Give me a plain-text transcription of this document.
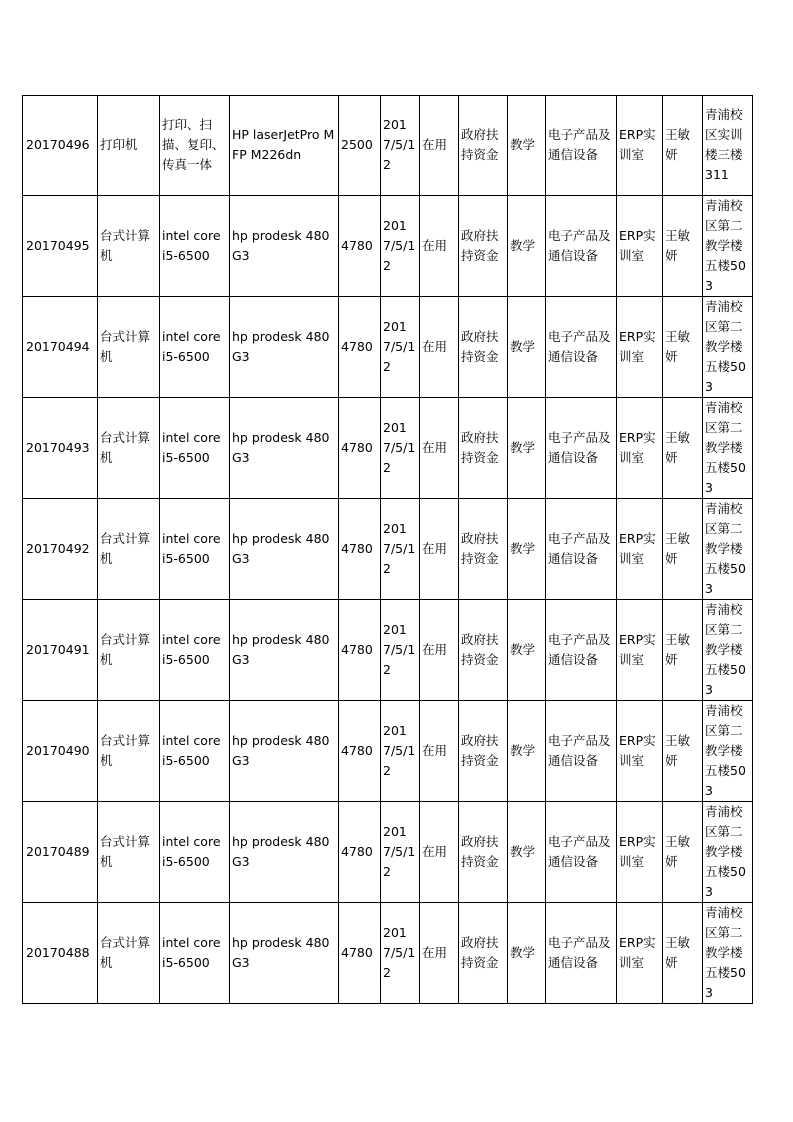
20170496	打印机	打印、扫描、复印、传真一体	HP laserJetPro MFP M226dn	2500	2017/5/12	在用	政府扶持资金	教学	电子产品及通信设备	ERP实训室	王敏妍	青浦校区实训楼三楼311
20170495	台式计算机	intel core i5-6500	hp prodesk 480 G3	4780	2017/5/12	在用	政府扶持资金	教学	电子产品及通信设备	ERP实训室	王敏妍	青浦校区第二教学楼五楼503
20170494	台式计算机	intel core i5-6500	hp prodesk 480 G3	4780	2017/5/12	在用	政府扶持资金	教学	电子产品及通信设备	ERP实训室	王敏妍	青浦校区第二教学楼五楼503
20170493	台式计算机	intel core i5-6500	hp prodesk 480 G3	4780	2017/5/12	在用	政府扶持资金	教学	电子产品及通信设备	ERP实训室	王敏妍	青浦校区第二教学楼五楼503
20170492	台式计算机	intel core i5-6500	hp prodesk 480 G3	4780	2017/5/12	在用	政府扶持资金	教学	电子产品及通信设备	ERP实训室	王敏妍	青浦校区第二教学楼五楼503
20170491	台式计算机	intel core i5-6500	hp prodesk 480 G3	4780	2017/5/12	在用	政府扶持资金	教学	电子产品及通信设备	ERP实训室	王敏妍	青浦校区第二教学楼五楼503
20170490	台式计算机	intel core i5-6500	hp prodesk 480 G3	4780	2017/5/12	在用	政府扶持资金	教学	电子产品及通信设备	ERP实训室	王敏妍	青浦校区第二教学楼五楼503
20170489	台式计算机	intel core i5-6500	hp prodesk 480 G3	4780	2017/5/12	在用	政府扶持资金	教学	电子产品及通信设备	ERP实训室	王敏妍	青浦校区第二教学楼五楼503
20170488	台式计算机	intel core i5-6500	hp prodesk 480 G3	4780	2017/5/12	在用	政府扶持资金	教学	电子产品及通信设备	ERP实训室	王敏妍	青浦校区第二教学楼五楼503
